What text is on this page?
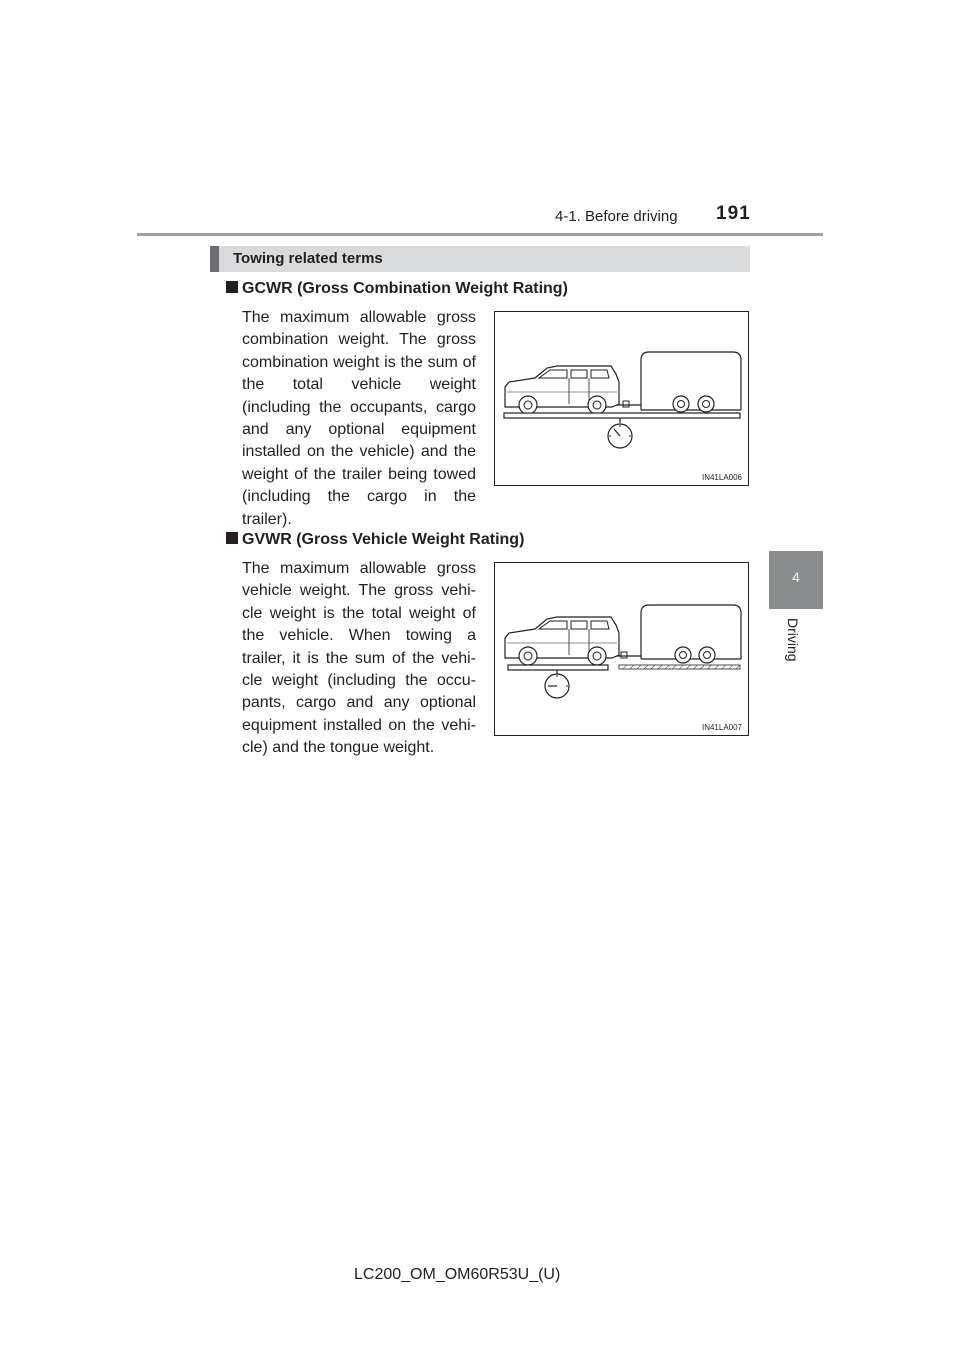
4-1. Before driving 191
4
Driving
Towing related terms
GCWR (Gross Combination Weight Rating)
The maximum allowable gross combination weight. The gross combination weight is the sum of the total vehicle weight (including the occupants, cargo and any optional equipment installed on the vehicle) and the weight of the trailer being towed (including the cargo in the trailer).
IN41LA006
GVWR (Gross Vehicle Weight Rating)
The maximum allowable gross vehicle weight. The gross vehi-cle weight is the total weight of the vehicle. When towing a trailer, it is the sum of the vehi-cle weight (including the occu-pants, cargo and any optional equipment installed on the vehi-cle) and the tongue weight.
IN41LA007
LC200_OM_OM60R53U_(U)
